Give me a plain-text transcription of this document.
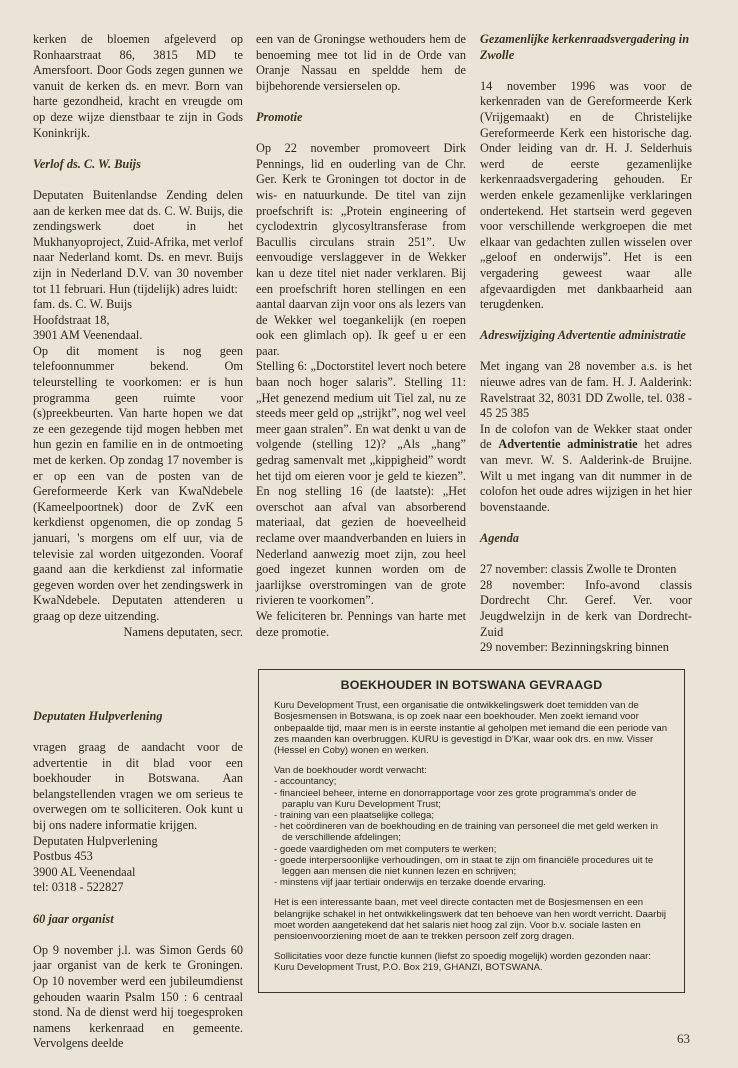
kerken de bloemen afgeleverd op Ronhaarstraat 86, 3815 MD te Amersfoort. Door Gods zegen gunnen we vanuit de kerken ds. en mevr. Born van harte gezondheid, kracht en vreugde om op deze wijze dienstbaar te zijn in Gods Koninkrijk.

Verlof ds. C. W. Buijs

Deputaten Buitenlandse Zending delen aan de kerken mee dat ds. C. W. Buijs, die zendingswerk doet in het Mukhanyoproject, Zuid-Afrika, met verlof naar Nederland komt. Ds. en mevr. Buijs zijn in Nederland D.V. van 30 november tot 11 februari. Hun (tijdelijk) adres luidt:

fam. ds. C. W. Buijs

Hoofdstraat 18,

3901 AM Veenendaal.

Op dit moment is nog geen telefoonnummer bekend. Om teleurstelling te voorkomen: er is hun programma geen ruimte voor (s)preekbeurten. Van harte hopen we dat ze een gezegende tijd mogen hebben met hun gezin en familie en in de ontmoeting met de kerken. Op zondag 17 november is er op een van de posten van de Gereformeerde Kerk van KwaNdebele (Kameelpoortnek) door de ZvK een kerkdienst opgenomen, die op zondag 5 januari, 's morgens om elf uur, via de televisie zal worden uitgezonden. Vooraf gaand aan die kerkdienst zal informatie gegeven worden over het zendingswerk in KwaNdebele. Deputaten attenderen u graag op deze uitzending.

Namens deputaten, secr.

Deputaten Hulpverlening

vragen graag de aandacht voor de advertentie in dit blad voor een boekhouder in Botswana. Aan belangstellenden vragen we om serieus te overwegen om te solliciteren. Ook kunt u bij ons nadere informatie krijgen.

Deputaten Hulpverlening

Postbus 453

3900 AL Veenendaal

tel: 0318 - 522827

60 jaar organist

Op 9 november j.l. was Simon Gerds 60 jaar organist van de kerk te Groningen. Op 10 november werd een jubileumdienst gehouden waarin Psalm 150 : 6 centraal stond. Na de dienst werd hij toegesproken namens kerkenraad en gemeente. Vervolgens deelde

een van de Groningse wethouders hem de benoeming mee tot lid in de Orde van Oranje Nassau en speldde hem de bijbehorende versierselen op.

Promotie

Op 22 november promoveert Dirk Pennings, lid en ouderling van de Chr. Ger. Kerk te Groningen tot doctor in de wis- en natuurkunde. De titel van zijn proefschrift is: „Protein engineering of cyclodextrin glycosyltransferase from Bacullis circulans strain 251”. Uw eenvoudige verslaggever in de Wekker kan u deze titel niet nader verklaren. Bij een proefschrift horen stellingen en een aantal daarvan zijn voor ons als lezers van de Wekker wel toegankelijk (en roepen ook een glimlach op). Ik geef u er een paar.

Stelling 6: „Doctorstitel levert noch betere baan noch hoger salaris”. Stelling 11: „Het genezend medium uit Tiel zal, nu ze steeds meer geld op „strijkt”, nog wel veel meer gaan stralen”. En wat denkt u van de volgende (stelling 12)? „Als „hang” gedrag samenvalt met „kippigheid” wordt het tijd om eieren voor je geld te kiezen”. En nog stelling 16 (de laatste): „Het overschot aan afval van absorberend materiaal, dat gezien de hoeveelheid reclame over maandverbanden en luiers in Nederland aanwezig moet zijn, zou heel goed ingezet kunnen worden om de jaarlijkse overstromingen van de grote rivieren te voorkomen”.

We feliciteren br. Pennings van harte met deze promotie.

Gezamenlijke kerkenraadsvergadering in Zwolle

14 november 1996 was voor de kerkenraden van de Gereformeerde Kerk (Vrijgemaakt) en de Christelijke Gereformeerde Kerk een historische dag. Onder leiding van dr. H. J. Selderhuis werd de eerste gezamenlijke kerkenraadsvergadering gehouden. Er werden enkele gezamenlijke verklaringen ondertekend. Het startsein werd gegeven voor verschillende werkgroepen die met elkaar van gedachten zullen wisselen over „geloof en onderwijs”. Het is een vergadering geweest waar alle afgevaardigden met dankbaarheid aan terugdenken.

Adreswijziging Advertentie administratie

Met ingang van 28 november a.s. is het nieuwe adres van de fam. H. J. Aalderink: Ravelstraat 32, 8031 DD Zwolle, tel. 038 - 45 25 385

In de colofon van de Wekker staat onder de Advertentie administratie het adres van mevr. W. S. Aalderink-de Bruijne. Wilt u met ingang van dit nummer in de colofon het oude adres wijzigen in het hier bovenstaande.

Agenda

27 november: classis Zwolle te Dronten

28 november: Info-avond classis Dordrecht Chr. Geref. Ver. voor Jeugdwelzijn in de kerk van Dordrecht-Zuid

29 november: Bezinningskring binnen

BOEKHOUDER IN BOTSWANA GEVRAAGD

Kuru Development Trust, een organisatie die ontwikkelingswerk doet temidden van de Bosjesmensen in Botswana, is op zoek naar een boekhouder. Men zoekt iemand voor onbepaalde tijd, maar men is in eerste instantie al geholpen met iemand die een periode van zes maanden kan overbruggen. KURU is gevestigd in D'Kar, waar ook drs. en mw. Visser (Hessel en Coby) wonen en werken.

Van de boekhouder wordt verwacht:

- accountancy;
- financieel beheer, interne en donorrapportage voor zes grote programma's onder de paraplu van Kuru Development Trust;
- training van een plaatselijke collega;
- het coördineren van de boekhouding en de training van personeel die met geld werken in de verschillende afdelingen;
- goede vaardigheden om met computers te werken;
- goede interpersoonlijke verhoudingen, om in staat te zijn om financiële procedures uit te leggen aan mensen die niet kunnen lezen en schrijven;
- minstens vijf jaar tertiair onderwijs en terzake doende ervaring.

Het is een interessante baan, met veel directe contacten met de Bosjesmensen en een belangrijke schakel in het ontwikkelingswerk dat ten behoeve van hen wordt verricht. Daarbij moet worden aangetekend dat het salaris niet hoog zal zijn. Voor b.v. sociale lasten en pensioenvoorziening moet de aan te trekken persoon zelf zorg dragen.

Sollicitaties voor deze functie kunnen (liefst zo spoedig mogelijk) worden gezonden naar: Kuru Development Trust, P.O. Box 219, GHANZI, BOTSWANA.

63
